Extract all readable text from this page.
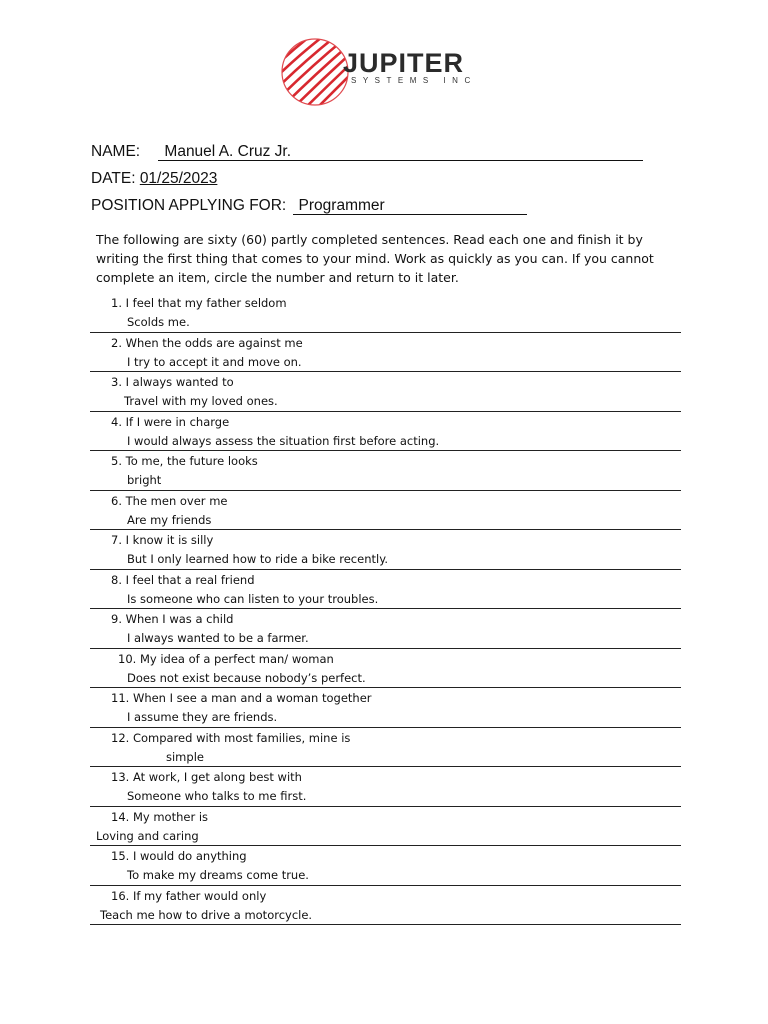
JUPITER
SYSTEMS INC
NAME: Manuel A. Cruz Jr.
DATE: 01/25/2023
POSITION APPLYING FOR: Programmer
The following are sixty (60) partly completed sentences. Read each one and finish it by writing the first thing that comes to your mind. Work as quickly as you can. If you cannot complete an item, circle the number and return to it later.
1. I feel that my father seldom
Scolds me.
2. When the odds are against me
I try to accept it and move on.
3. I always wanted to
Travel with my loved ones.
4. If I were in charge
I would always assess the situation first before acting.
5. To me, the future looks
bright
6. The men over me
Are my friends
7. I know it is silly
But I only learned how to ride a bike recently.
8. I feel that a real friend
Is someone who can listen to your troubles.
9. When I was a child
I always wanted to be a farmer.
10. My idea of a perfect man/ woman
Does not exist because nobody’s perfect.
11. When I see a man and a woman together
I assume they are friends.
12. Compared with most families, mine is
simple
13. At work, I get along best with
Someone who talks to me first.
14. My mother is
Loving and caring
15. I would do anything
To make my dreams come true.
16. If my father would only
Teach me how to drive a motorcycle.
